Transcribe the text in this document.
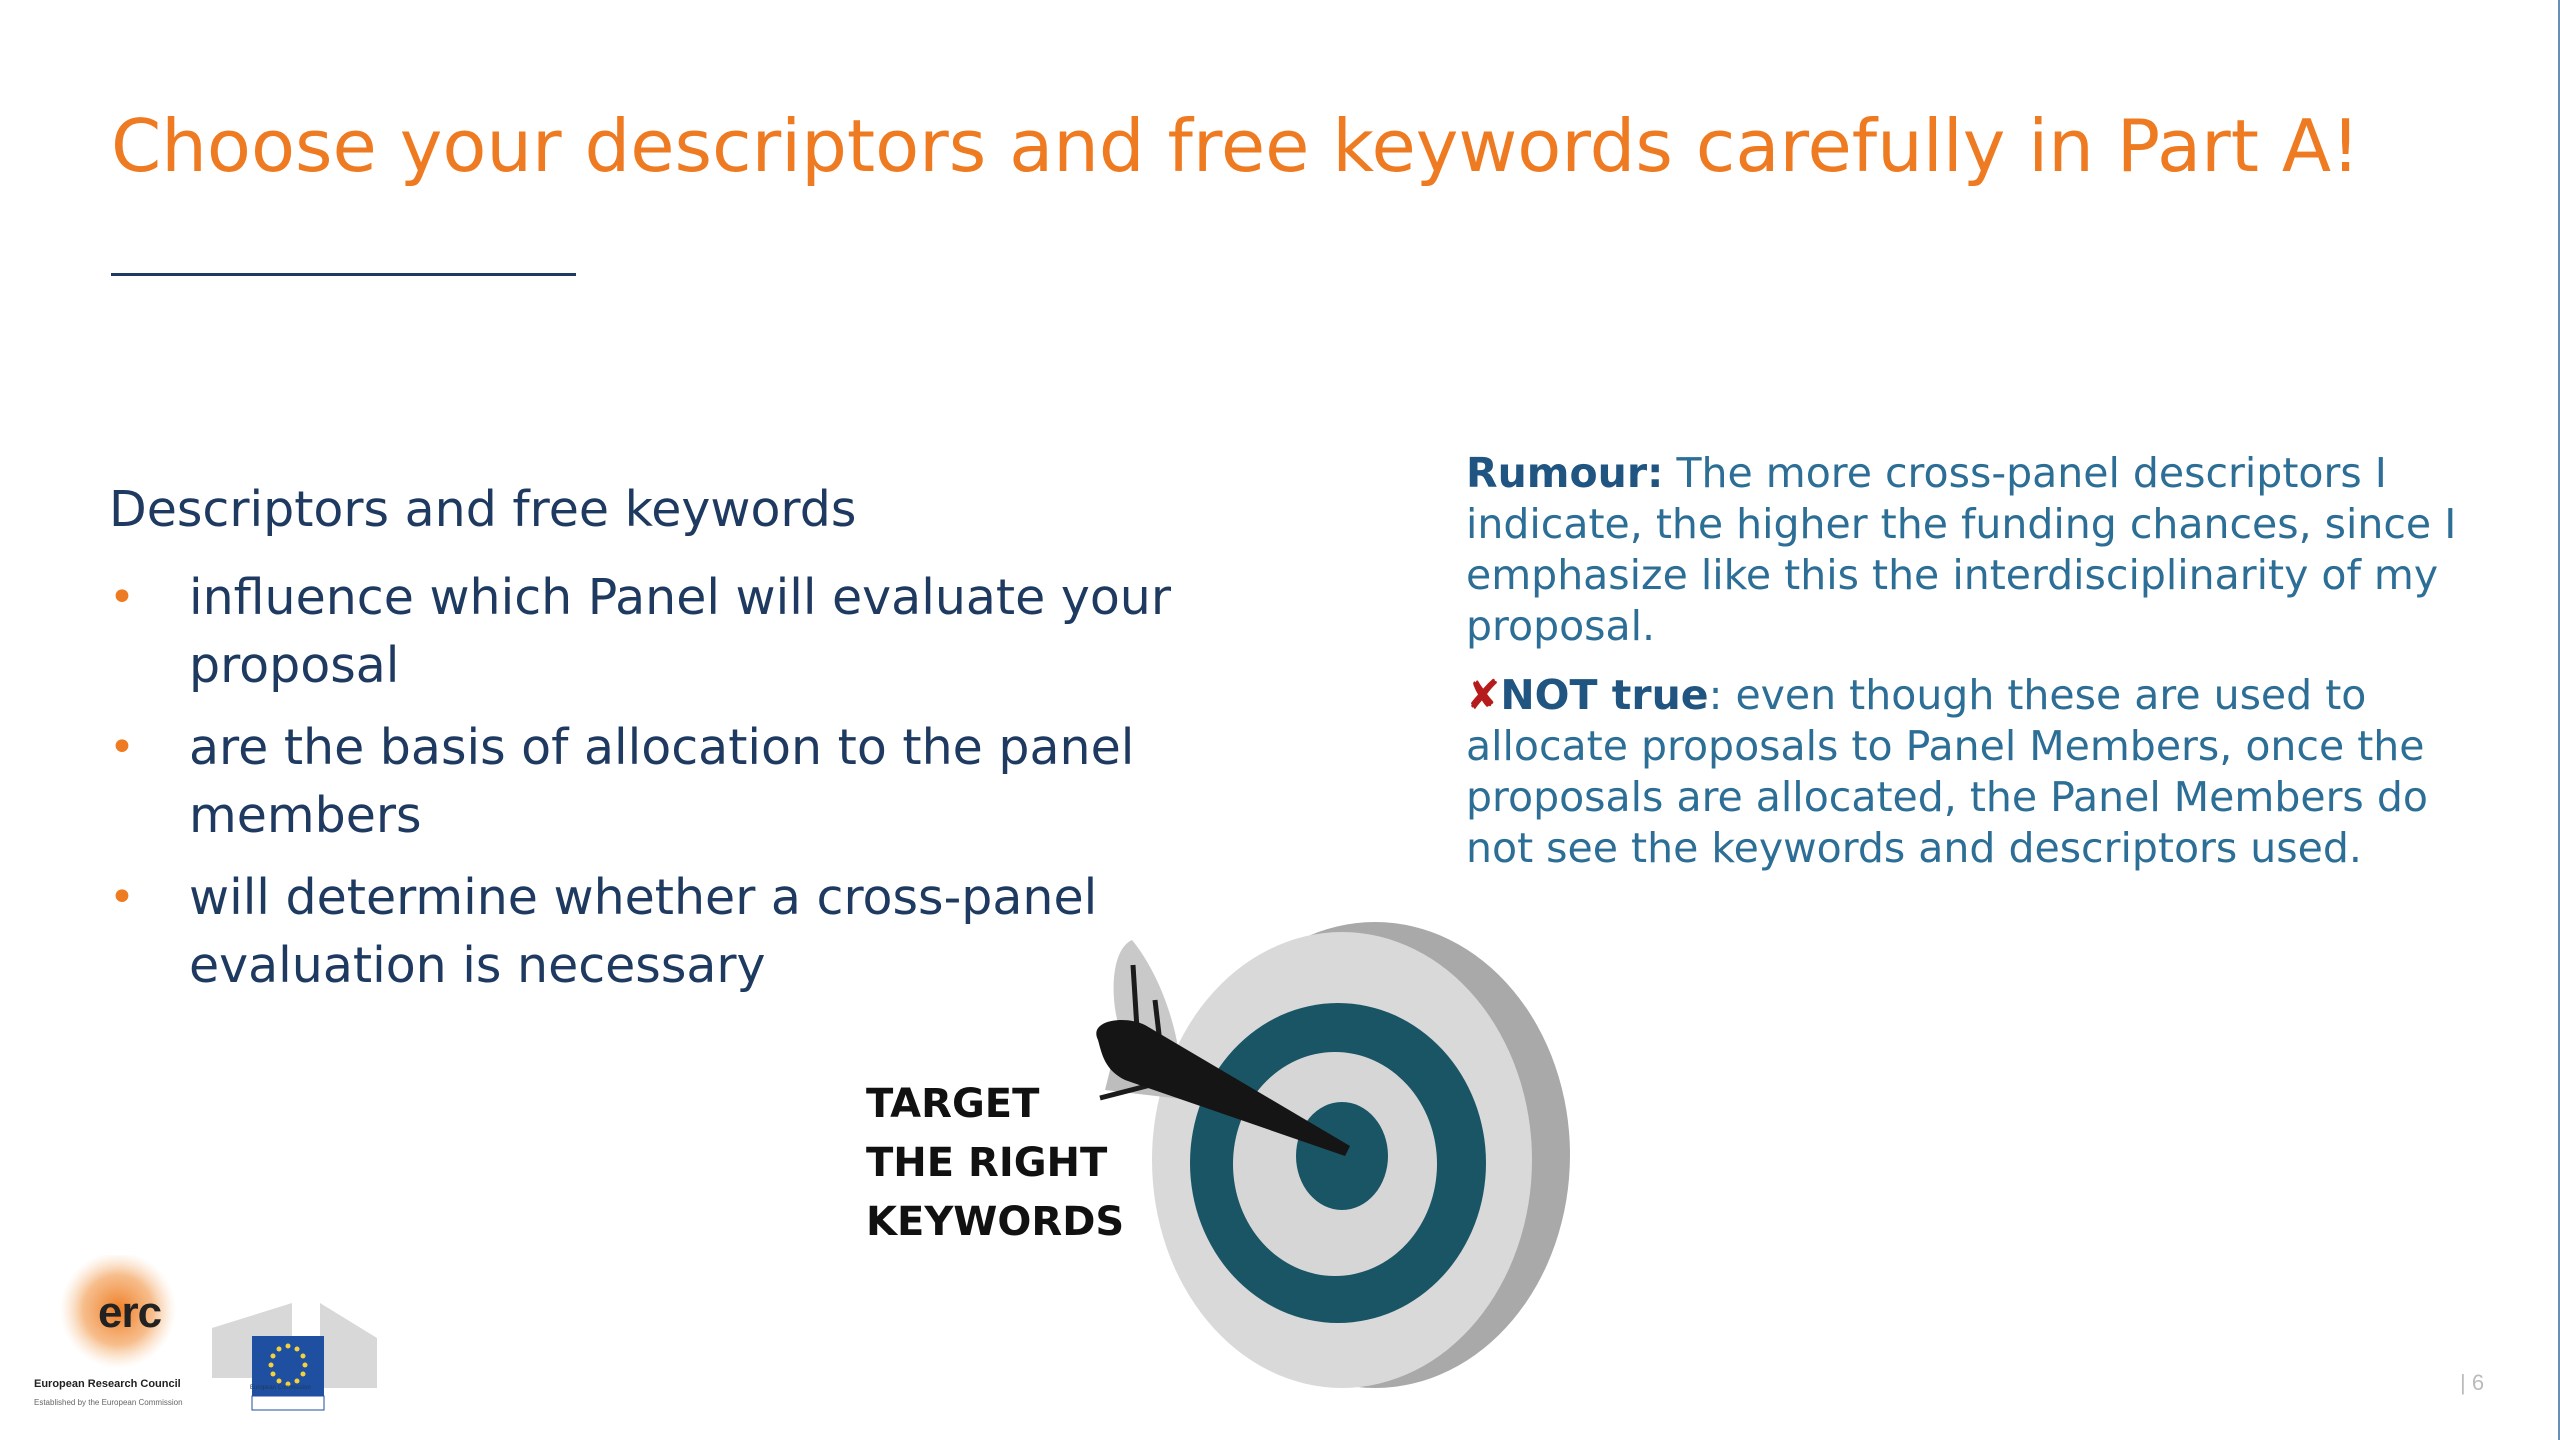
Choose your descriptors and free keywords carefully in Part A!

Descriptors and free keywords

• influence which Panel will evaluate your proposal
• are the basis of allocation to the panel members
• will determine whether a cross-panel evaluation is necessary

Rumour: The more cross-panel descriptors I indicate, the higher the funding chances, since I emphasize like this the interdisciplinarity of my proposal.

✘NOT true: even though these are used to allocate proposals to Panel Members, once the proposals are allocated, the Panel Members do not see the keywords and descriptors used.

TARGET
THE RIGHT
KEYWORDS
erc
European Research Council
Established by the European Commission
European Commission	| 6
